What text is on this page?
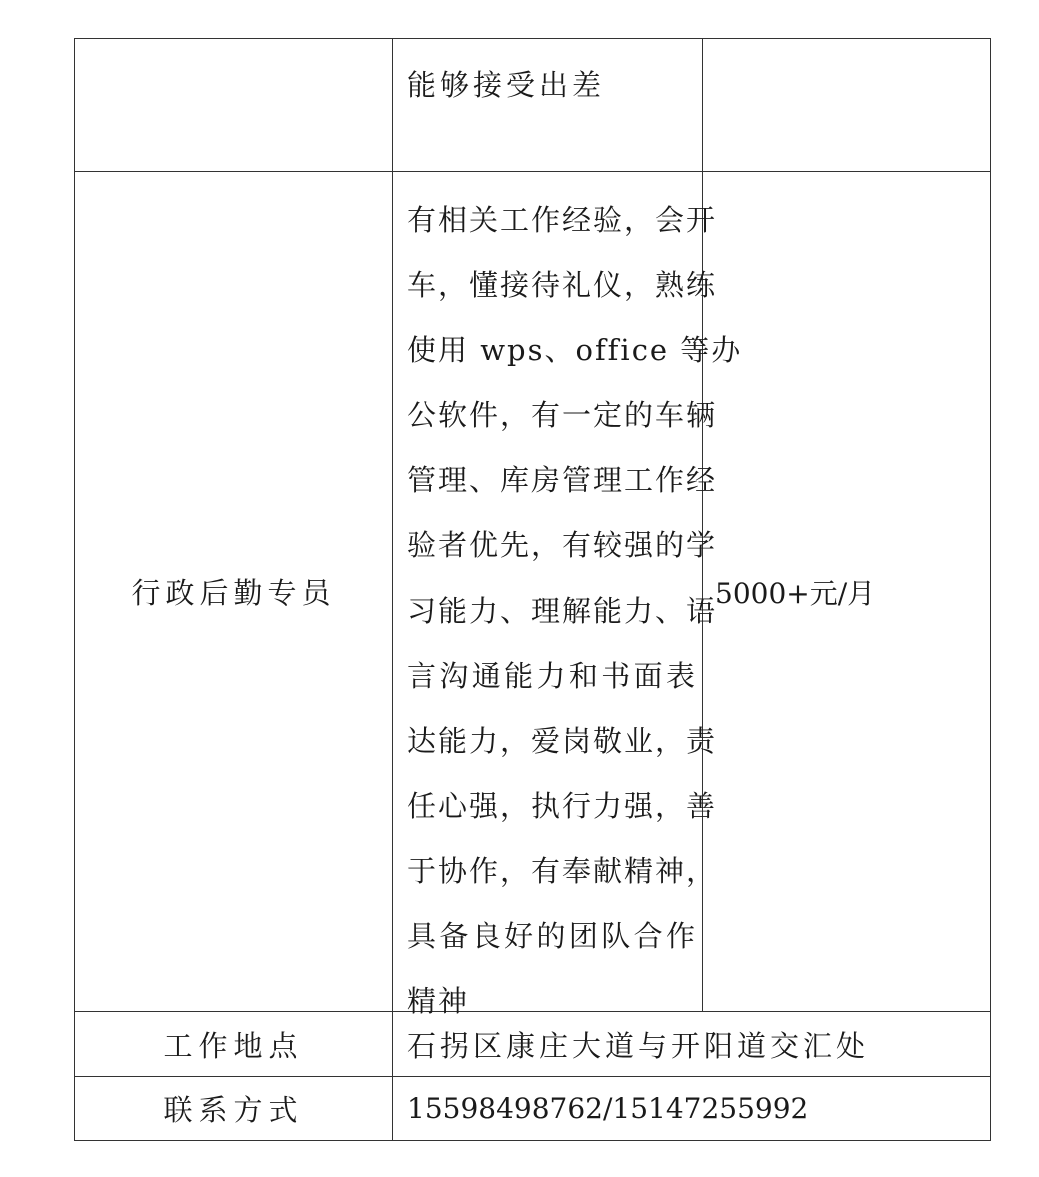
能够接受出差
行政后勤专员
有相关工作经验，会开
车，懂接待礼仪，熟练
使用 wps、office 等办
公软件，有一定的车辆
管理、库房管理工作经
验者优先，有较强的学
习能力、理解能力、语
言沟通能力和书面表
达能力，爱岗敬业，责
任心强，执行力强，善
于协作，有奉献精神，
具备良好的团队合作
精神
5000+元/月
工作地点	石拐区康庄大道与开阳道交汇处
联系方式	15598498762/15147255992
